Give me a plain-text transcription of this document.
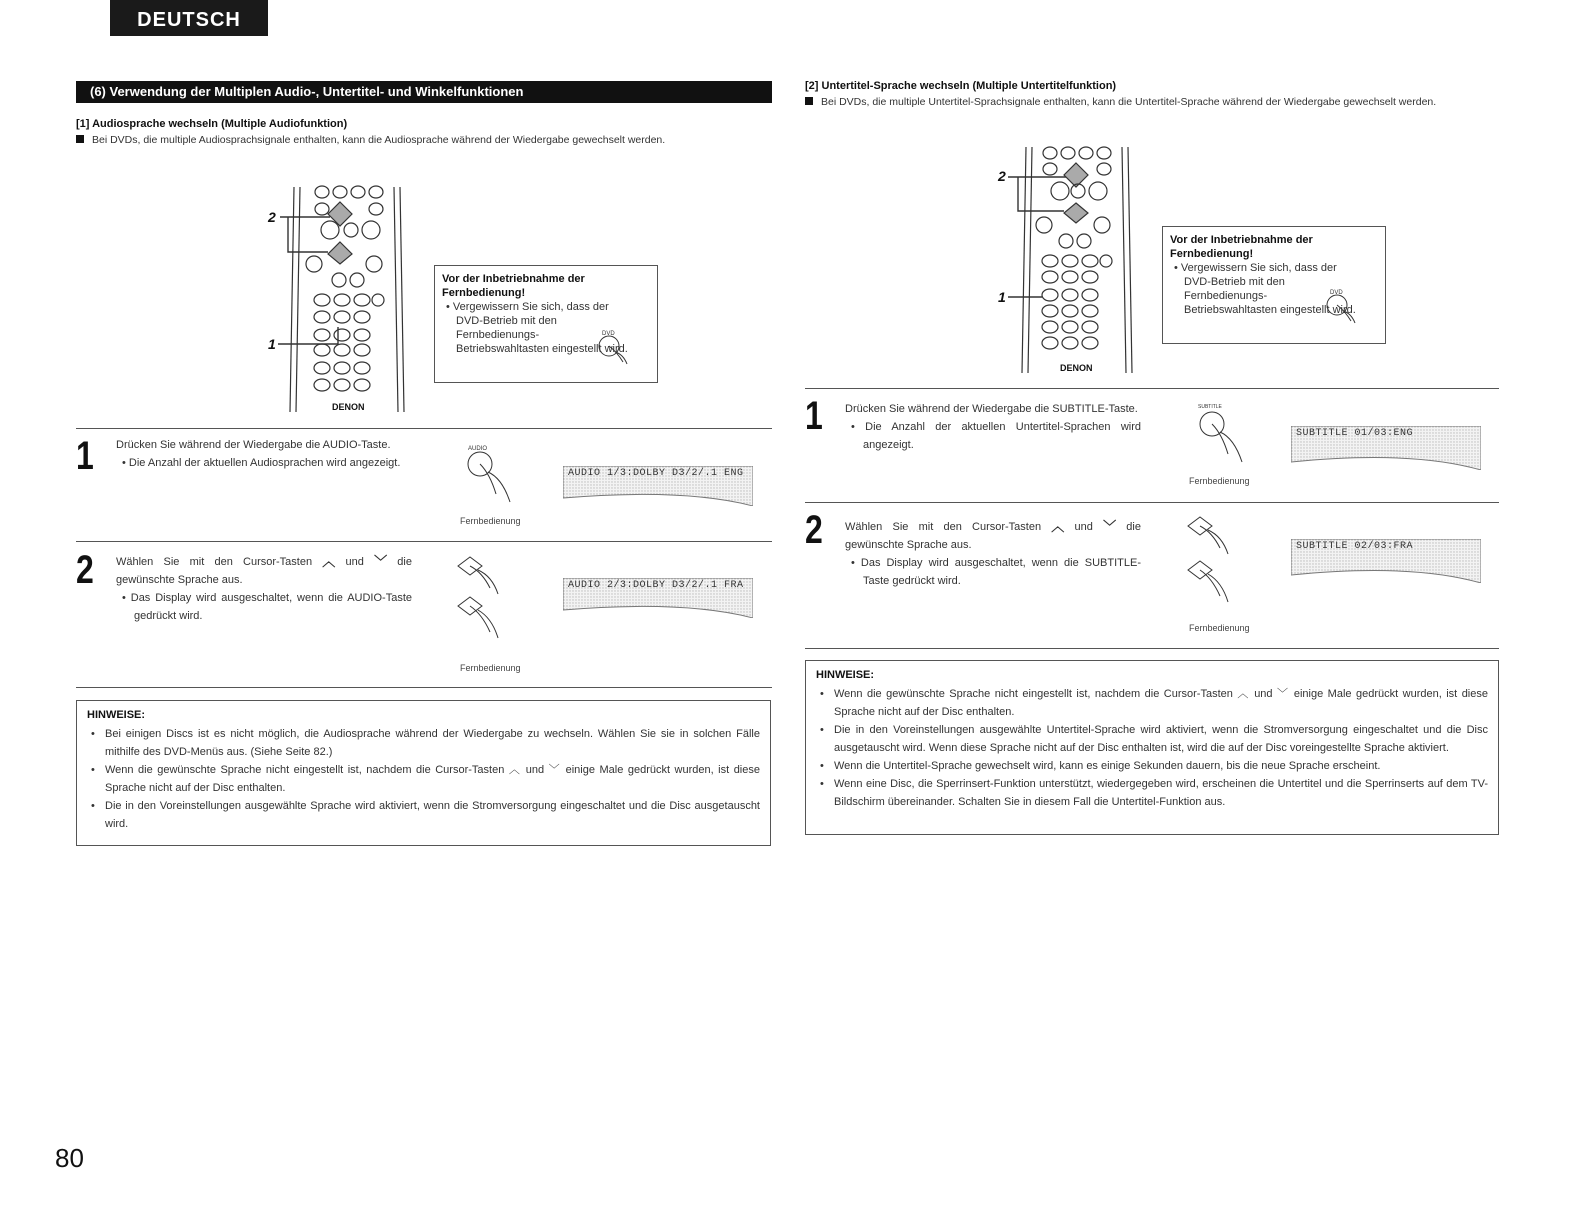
DEUTSCH
(6) Verwendung der Multiplen Audio-, Untertitel- und Winkelfunktionen
[1] Audiosprache wechseln (Multiple Audiofunktion)
Bei DVDs, die multiple Audiosprachsignale enthalten, kann die Audiosprache während der Wiedergabe gewechselt werden.
2
1
DENON
Vor der Inbetriebnahme der
Fernbedienung!
• Vergewissern Sie sich, dass der DVD-Betrieb mit den Fernbedienungs-Betriebswahltasten eingestellt wird.
DVD
1 Drücken Sie während der Wiedergabe die AUDIO-Taste.
• Die Anzahl der aktuellen Audiosprachen wird angezeigt.
AUDIO
Fernbedienung
AUDIO 1/3:DOLBY D3/2/.1 ENG
2 Wählen Sie mit den Cursor-Tasten ︿ und ﹀ die gewünschte Sprache aus.
• Das Display wird ausgeschaltet, wenn die AUDIO-Taste gedrückt wird.
Fernbedienung
AUDIO 2/3:DOLBY D3/2/.1 FRA
HINWEISE:
• Bei einigen Discs ist es nicht möglich, die Audiosprache während der Wiedergabe zu wechseln. Wählen Sie sie in solchen Fälle mithilfe des DVD-Menüs aus. (Siehe Seite 82.)
• Wenn die gewünschte Sprache nicht eingestellt ist, nachdem die Cursor-Tasten ︿ und ﹀ einige Male gedrückt wurden, ist diese Sprache nicht auf der Disc enthalten.
• Die in den Voreinstellungen ausgewählte Sprache wird aktiviert, wenn die Stromversorgung eingeschaltet und die Disc ausgetauscht wird.
[2] Untertitel-Sprache wechseln (Multiple Untertitelfunktion)
Bei DVDs, die multiple Untertitel-Sprachsignale enthalten, kann die Untertitel-Sprache während der Wiedergabe gewechselt werden.
2
1
DENON
Vor der Inbetriebnahme der
Fernbedienung!
• Vergewissern Sie sich, dass der DVD-Betrieb mit den Fernbedienungs-Betriebswahltasten eingestellt wird.
DVD
1 Drücken Sie während der Wiedergabe die SUBTITLE-Taste.
• Die Anzahl der aktuellen Untertitel-Sprachen wird angezeigt.
SUBTITLE
Fernbedienung
SUBTITLE 01/03:ENG
2 Wählen Sie mit den Cursor-Tasten ︿ und ﹀ die gewünschte Sprache aus.
• Das Display wird ausgeschaltet, wenn die SUBTITLE-Taste gedrückt wird.
Fernbedienung
SUBTITLE 02/03:FRA
HINWEISE:
• Wenn die gewünschte Sprache nicht eingestellt ist, nachdem die Cursor-Tasten ︿ und ﹀ einige Male gedrückt wurden, ist diese Sprache nicht auf der Disc enthalten.
• Die in den Voreinstellungen ausgewählte Untertitel-Sprache wird aktiviert, wenn die Stromversorgung eingeschaltet und die Disc ausgetauscht wird. Wenn diese Sprache nicht auf der Disc enthalten ist, wird die auf der Disc voreingestellte Sprache aktiviert.
• Wenn die Untertitel-Sprache gewechselt wird, kann es einige Sekunden dauern, bis die neue Sprache erscheint.
• Wenn eine Disc, die Sperrinsert-Funktion unterstützt, wiedergegeben wird, erscheinen die Untertitel und die Sperrinserts auf dem TV-Bildschirm übereinander. Schalten Sie in diesem Fall die Untertitel-Funktion aus.
80
